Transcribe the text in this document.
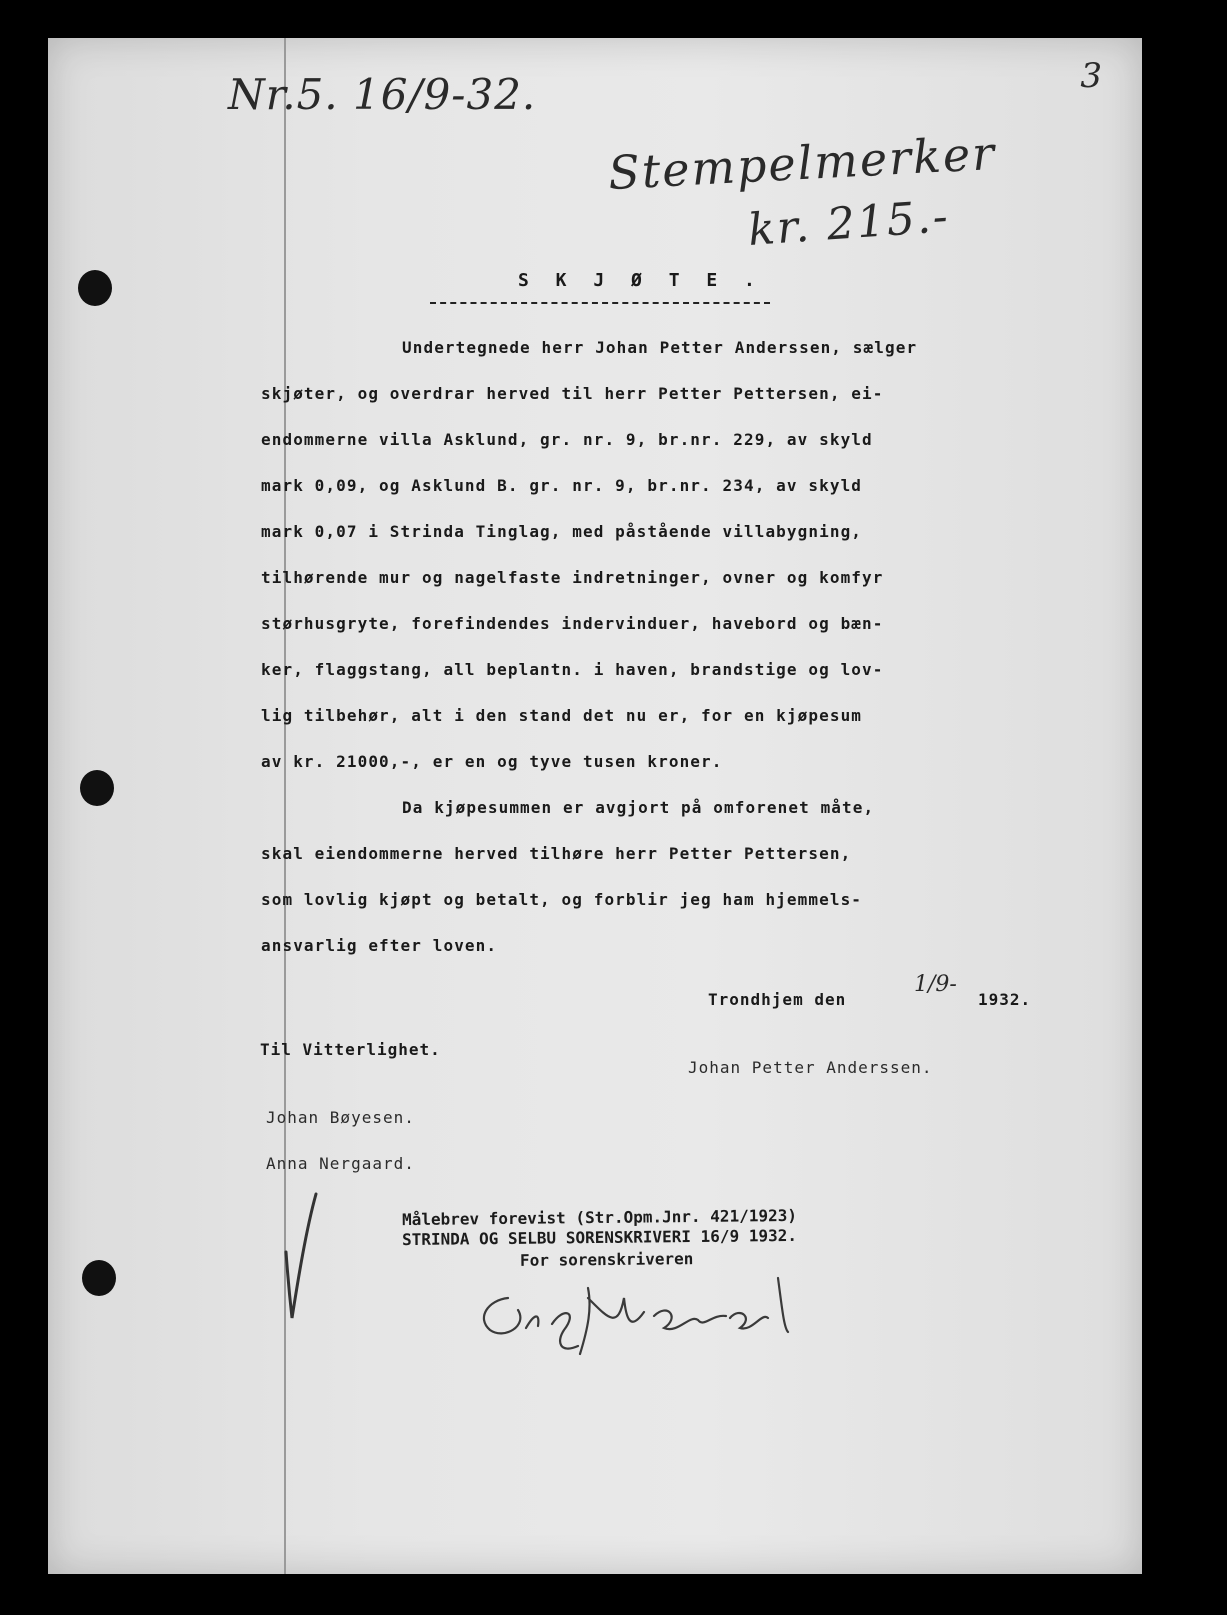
Nr.5. 16/9-32.	3
Stempelmerker
kr. 215.-
S K J Ø T E .
Undertegnede herr Johan Petter Anderssen, sælger
skjøter, og overdrar herved til herr Petter Pettersen, ei-
endommerne villa Asklund, gr. nr. 9, br.nr. 229, av skyld
mark 0,09, og Asklund B. gr. nr. 9, br.nr. 234, av skyld
mark 0,07 i Strinda Tinglag, med påstående villabygning,
tilhørende mur og nagelfaste indretninger, ovner og komfyr
størhusgryte, forefindendes indervinduer, havebord og bæn-
ker, flaggstang, all beplantn. i haven, brandstige og lov-
lig tilbehør, alt i den stand det nu er, for en kjøpesum
av kr. 21000,-, er en og tyve tusen kroner.
Da kjøpesummen er avgjort på omforenet måte,
skal eiendommerne herved tilhøre herr Petter Pettersen,
som lovlig kjøpt og betalt, og forblir jeg ham hjemmels-
ansvarlig efter loven.
Trondhjem den
1/9-
1932.
Til Vitterlighet.
Johan Petter Anderssen.
Johan Bøyesen.
Anna Nergaard.
Målebrev forevist (Str.Opm.Jnr. 421/1923)
STRINDA OG SELBU SORENSKRIVERI 16/9 1932.
For sorenskriveren
